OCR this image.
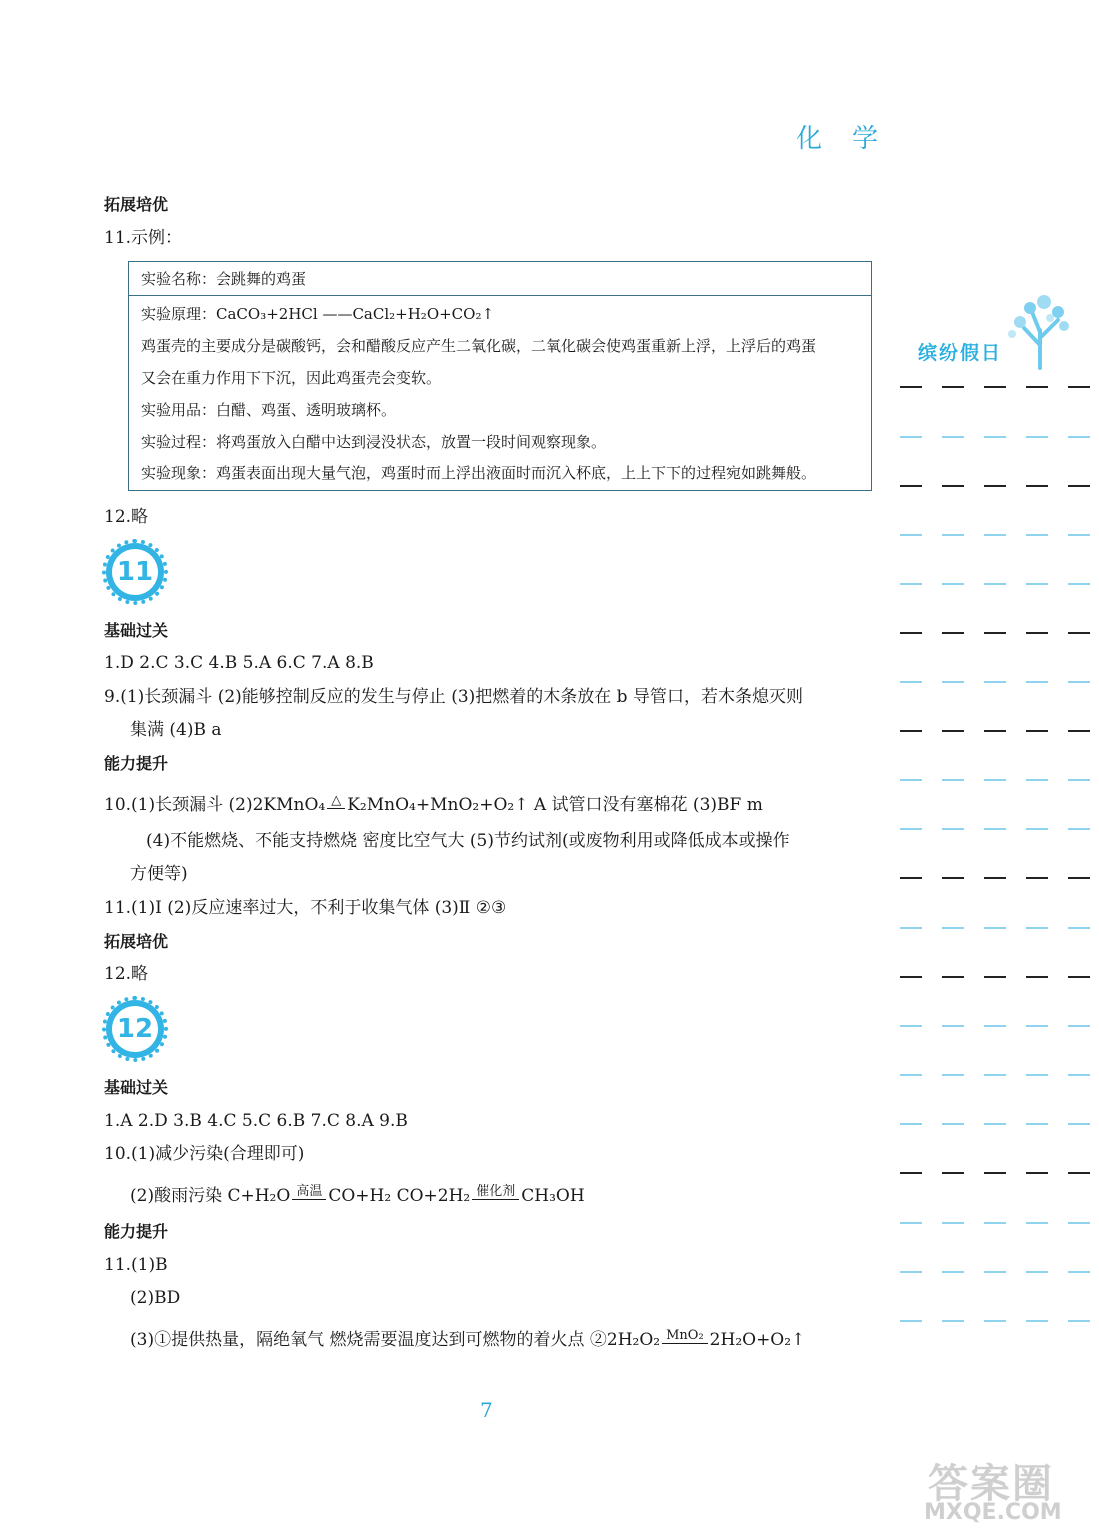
化学
缤纷假日
拓展培优
11.示例：
实验名称：会跳舞的鸡蛋
实验原理：CaCO₃+2HCl ——CaCl₂+H₂O+CO₂↑
鸡蛋壳的主要成分是碳酸钙，会和醋酸反应产生二氧化碳，二氧化碳会使鸡蛋重新上浮，上浮后的鸡蛋
又会在重力作用下下沉，因此鸡蛋壳会变软。
实验用品：白醋、鸡蛋、透明玻璃杯。
实验过程：将鸡蛋放入白醋中达到浸没状态，放置一段时间观察现象。
实验现象：鸡蛋表面出现大量气泡，鸡蛋时而上浮出液面时而沉入杯底，上上下下的过程宛如跳舞般。
12.略
11
基础过关
1.D 2.C 3.C 4.B 5.A 6.C 7.A 8.B
9.(1)长颈漏斗 (2)能够控制反应的发生与停止 (3)把燃着的木条放在 b 导管口，若木条熄灭则
集满 (4)B a
能力提升
10.(1)长颈漏斗 (2)2KMnO₄ △ K₂MnO₄+MnO₂+O₂↑ A 试管口没有塞棉花 (3)BF m
(4)不能燃烧、不能支持燃烧 密度比空气大 (5)节约试剂(或废物利用或降低成本或操作
方便等)
11.(1)Ⅰ (2)反应速率过大，不利于收集气体 (3)Ⅱ ②③
拓展培优
12.略
12
基础过关
1.A 2.D 3.B 4.C 5.C 6.B 7.C 8.A 9.B
10.(1)减少污染(合理即可)
(2)酸雨污染 C+H₂O 高温 CO+H₂ CO+2H₂ 催化剂 CH₃OH
能力提升
11.(1)B
(2)BD
(3)①提供热量，隔绝氧气 燃烧需要温度达到可燃物的着火点 ②2H₂O₂ MnO₂ 2H₂O+O₂↑
7
答案圈
MXQE.COM
